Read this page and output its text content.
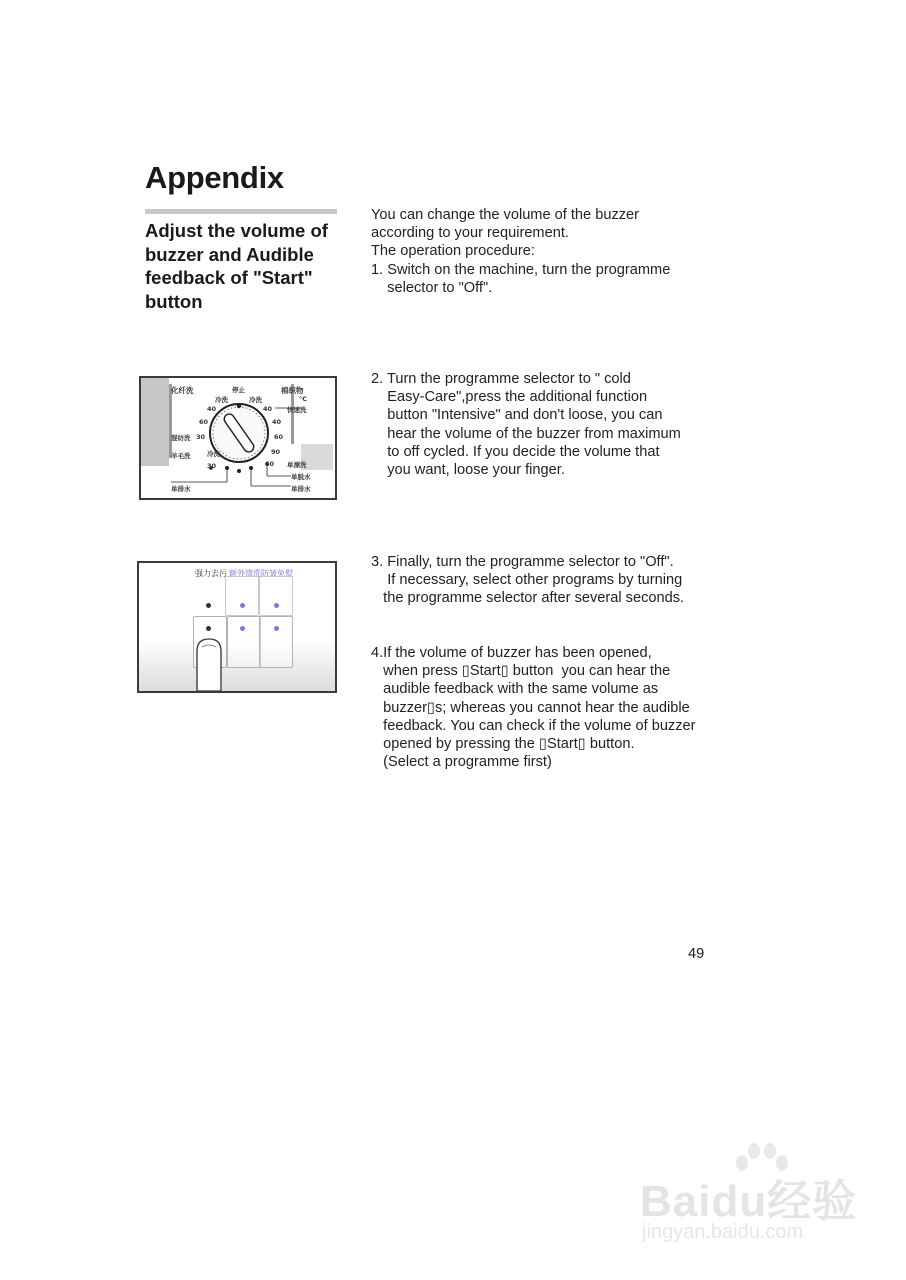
Appendix
Adjust the volume of buzzer and Audible feedback of "Start" button
You can change the volume of the buzzer
according to your requirement.
The operation procedure:
1. Switch on the machine, turn the programme
selector to "Off".
2. Turn the programme selector to " cold
Easy-Care",press the additional function
button "Intensive" and don't loose, you can
hear the volume of the buzzer from maximum
to off cycled. If you decide the volume that
you want, loose your finger.
3. Finally, turn the programme selector to "Off".
If necessary, select other programs by turning
the programme selector after several seconds.
4.If the volume of buzzer has been opened,
when press ▯Start▯ button  you can hear the
audible feedback with the same volume as
buzzer▯s; whereas you cannot hear the audible
feedback. You can check if the volume of buzzer
opened by pressing the ▯Start▯ button.
(Select a programme first)
化纤洗	停止	棉织物
冷洗	冷洗	°C
40	40 快速洗
60	40
混纺洗 30	60
羊毛洗	冷洗	90
30	60 单漂洗
单脱水
单排水	单排水
强力去污 额外漂洗 防皱免熨
49
Baidu经验
jingyan.baidu.com
